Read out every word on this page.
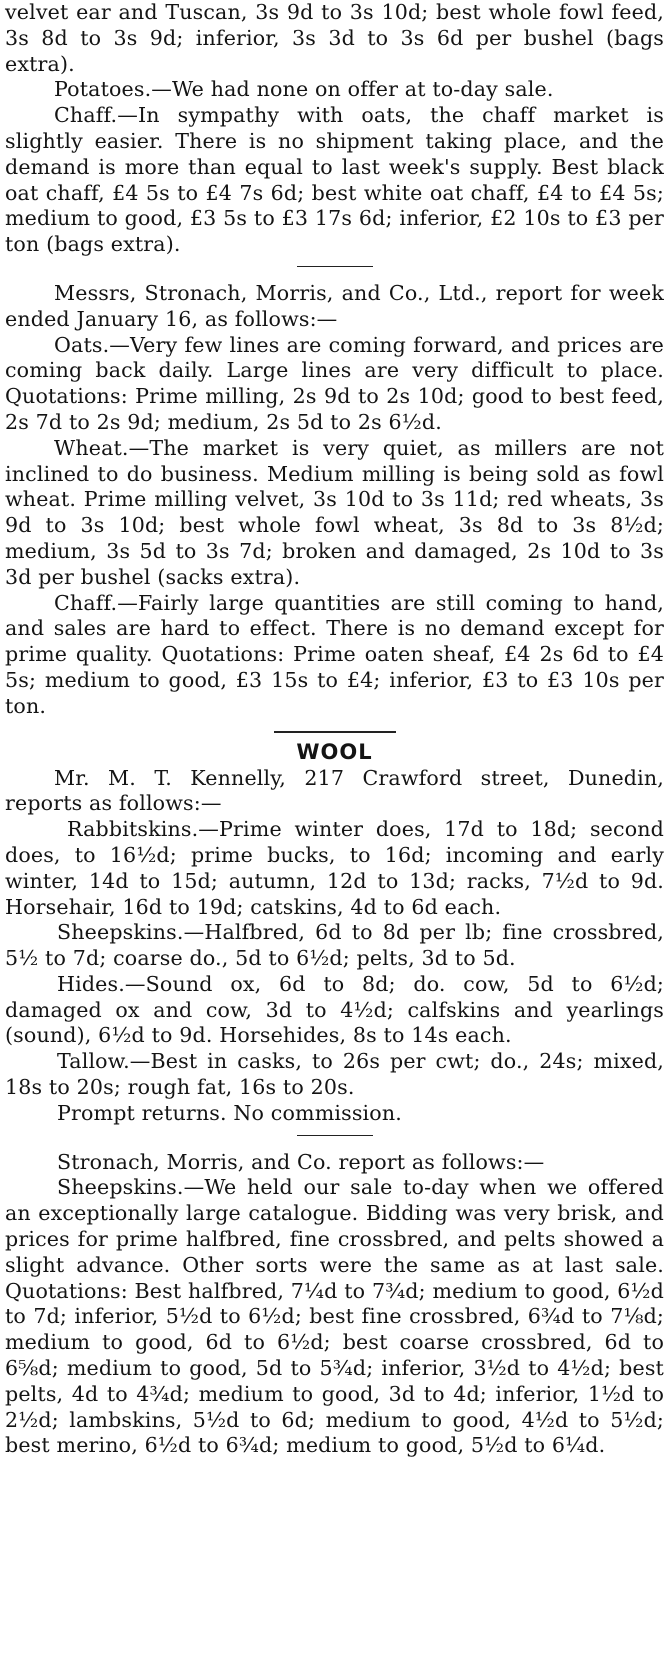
velvet ear and Tuscan, 3s 9d to 3s 10d; best whole fowl feed, 3s 8d to 3s 9d; inferior, 3s 3d to 3s 6d per bushel (bags extra).

Potatoes.—We had none on offer at to-day sale.

Chaff.—In sympathy with oats, the chaff market is slightly easier. There is no shipment taking place, and the demand is more than equal to last week's supply. Best black oat chaff, £4 5s to £4 7s 6d; best white oat chaff, £4 to £4 5s; medium to good, £3 5s to £3 17s 6d; inferior, £2 10s to £3 per ton (bags extra).

Messrs, Stronach, Morris, and Co., Ltd., report for week ended January 16, as follows:—

Oats.—Very few lines are coming forward, and prices are coming back daily. Large lines are very difficult to place. Quotations: Prime milling, 2s 9d to 2s 10d; good to best feed, 2s 7d to 2s 9d; medium, 2s 5d to 2s 6½d.

Wheat.—The market is very quiet, as millers are not inclined to do business. Medium milling is being sold as fowl wheat. Prime milling velvet, 3s 10d to 3s 11d; red wheats, 3s 9d to 3s 10d; best whole fowl wheat, 3s 8d to 3s 8½d; medium, 3s 5d to 3s 7d; broken and damaged, 2s 10d to 3s 3d per bushel (sacks extra).

Chaff.—Fairly large quantities are still coming to hand, and sales are hard to effect. There is no demand except for prime quality. Quotations: Prime oaten sheaf, £4 2s 6d to £4 5s; medium to good, £3 15s to £4; inferior, £3 to £3 10s per ton.

WOOL

Mr. M. T. Kennelly, 217 Crawford street, Dunedin, reports as follows:—

Rabbitskins.—Prime winter does, 17d to 18d; second does, to 16½d; prime bucks, to 16d; incoming and early winter, 14d to 15d; autumn, 12d to 13d; racks, 7½d to 9d. Horsehair, 16d to 19d; catskins, 4d to 6d each.

Sheepskins.—Halfbred, 6d to 8d per lb; fine crossbred, 5½ to 7d; coarse do., 5d to 6½d; pelts, 3d to 5d.

Hides.—Sound ox, 6d to 8d; do. cow, 5d to 6½d; damaged ox and cow, 3d to 4½d; calfskins and yearlings (sound), 6½d to 9d. Horsehides, 8s to 14s each.

Tallow.—Best in casks, to 26s per cwt; do., 24s; mixed, 18s to 20s; rough fat, 16s to 20s.

Prompt returns. No commission.

Stronach, Morris, and Co. report as follows:—

Sheepskins.—We held our sale to-day when we offered an exceptionally large catalogue. Bidding was very brisk, and prices for prime halfbred, fine crossbred, and pelts showed a slight advance. Other sorts were the same as at last sale. Quotations: Best halfbred, 7¼d to 7¾d; medium to good, 6½d to 7d; inferior, 5½d to 6½d; best fine crossbred, 6¾d to 7⅛d; medium to good, 6d to 6½d; best coarse crossbred, 6d to 6⅝d; medium to good, 5d to 5¾d; inferior, 3½d to 4½d; best pelts, 4d to 4¾d; medium to good, 3d to 4d; inferior, 1½d to 2½d; lambskins, 5½d to 6d; medium to good, 4½d to 5½d; best merino, 6½d to 6¾d; medium to good, 5½d to 6¼d.
